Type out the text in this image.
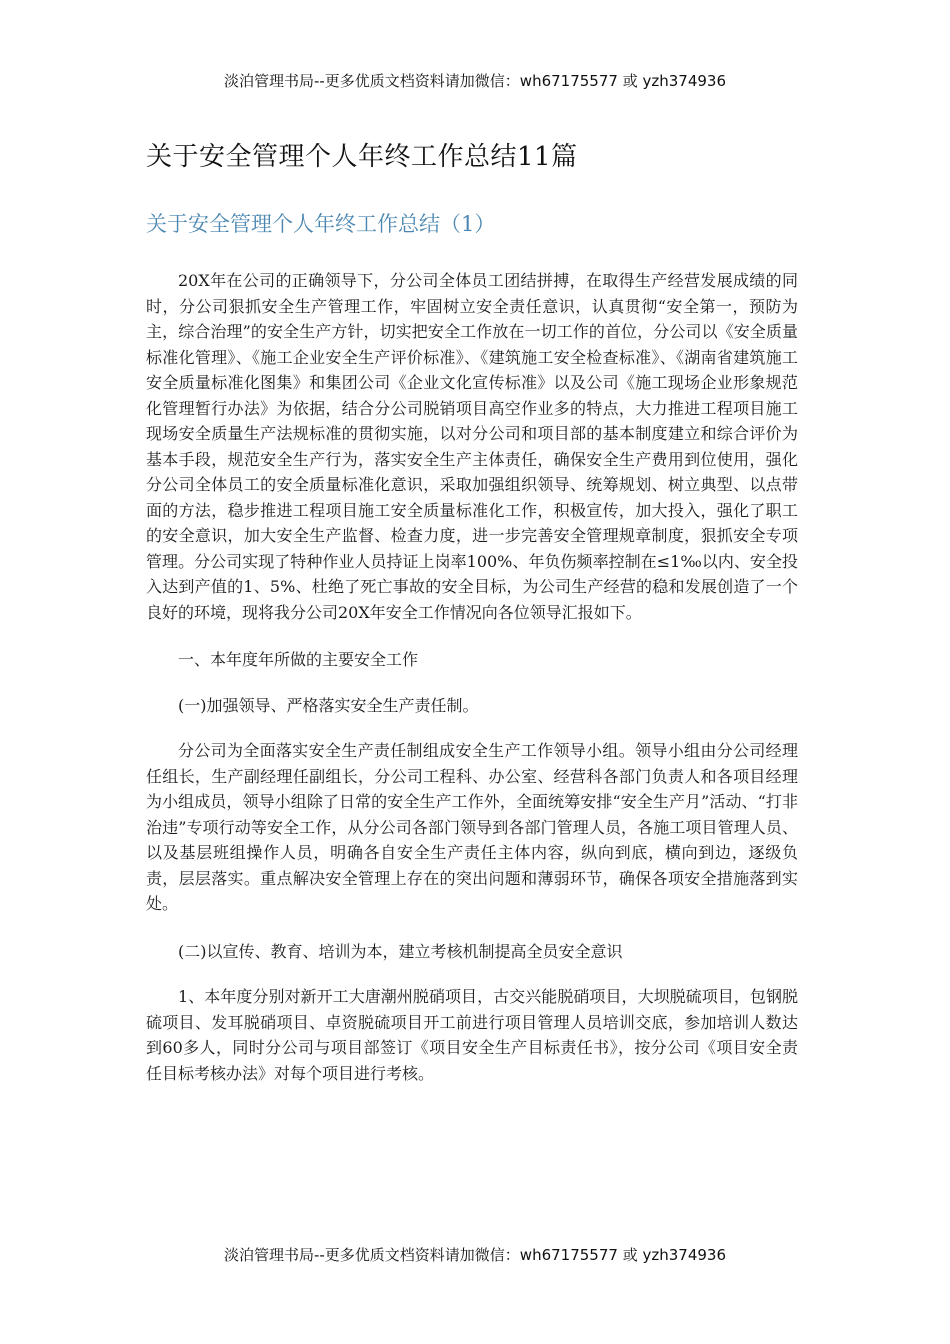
淡泊管理书局--更多优质文档资料请加微信：wh67175577 或 yzh374936
关于安全管理个人年终工作总结11篇
关于安全管理个人年终工作总结（1）

20X年在公司的正确领导下，分公司全体员工团结拼搏，在取得生产经营发展成绩的同时，分公司狠抓安全生产管理工作，牢固树立安全责任意识，认真贯彻“安全第一，预防为主，综合治理”的安全生产方针，切实把安全工作放在一切工作的首位，分公司以《安全质量标准化管理》、《施工企业安全生产评价标准》、《建筑施工安全检查标准》、《湖南省建筑施工安全质量标准化图集》和集团公司《企业文化宣传标准》以及公司《施工现场企业形象规范化管理暂行办法》为依据，结合分公司脱销项目高空作业多的特点，大力推进工程项目施工现场安全质量生产法规标准的贯彻实施，以对分公司和项目部的基本制度建立和综合评价为基本手段，规范安全生产行为，落实安全生产主体责任，确保安全生产费用到位使用，强化分公司全体员工的安全质量标准化意识，采取加强组织领导、统筹规划、树立典型、以点带面的方法，稳步推进工程项目施工安全质量标准化工作，积极宣传，加大投入，强化了职工的安全意识，加大安全生产监督、检查力度，进一步完善安全管理规章制度，狠抓安全专项管理。分公司实现了特种作业人员持证上岗率100%、年负伤频率控制在≤1‰以内、安全投入达到产值的1、5%、杜绝了死亡事故的安全目标，为公司生产经营的稳和发展创造了一个良好的环境，现将我分公司20X年安全工作情况向各位领导汇报如下。

一、本年度年所做的主要安全工作

(一)加强领导、严格落实安全生产责任制。

分公司为全面落实安全生产责任制组成安全生产工作领导小组。领导小组由分公司经理任组长，生产副经理任副组长，分公司工程科、办公室、经营科各部门负责人和各项目经理为小组成员，领导小组除了日常的安全生产工作外，全面统筹安排“安全生产月”活动、“打非治违”专项行动等安全工作，从分公司各部门领导到各部门管理人员，各施工项目管理人员、以及基层班组操作人员，明确各自安全生产责任主体内容，纵向到底，横向到边，逐级负责，层层落实。重点解决安全管理上存在的突出问题和薄弱环节，确保各项安全措施落到实处。

(二)以宣传、教育、培训为本，建立考核机制提高全员安全意识

1、本年度分别对新开工大唐潮州脱硝项目，古交兴能脱硝项目，大坝脱硫项目，包钢脱硫项目、发耳脱硝项目、卓资脱硫项目开工前进行项目管理人员培训交底，参加培训人数达到60多人，同时分公司与项目部签订《项目安全生产目标责任书》，按分公司《项目安全责任目标考核办法》对每个项目进行考核。

淡泊管理书局--更多优质文档资料请加微信：wh67175577 或 yzh374936
